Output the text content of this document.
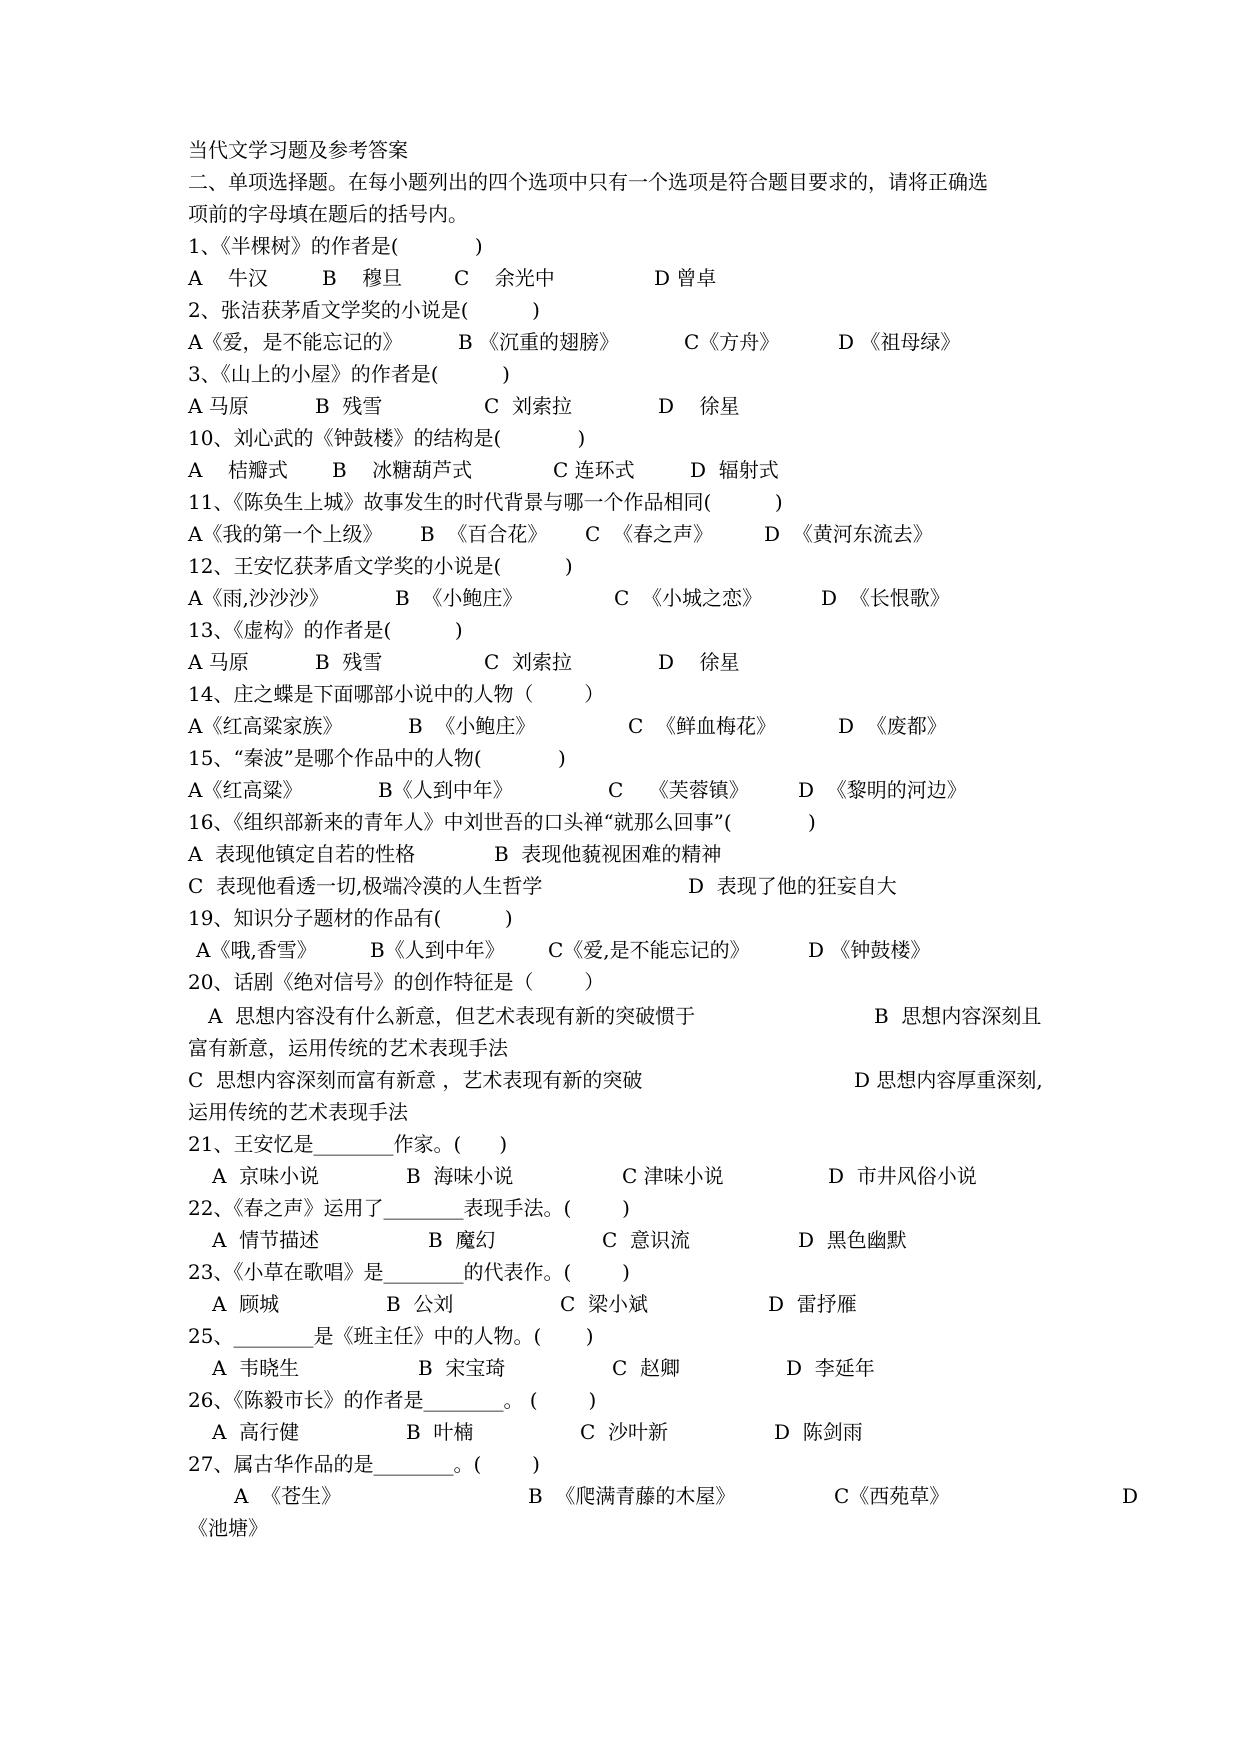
当代文学习题及参考答案
二、单项选择题。在每小题列出的四个选项中只有一个选项是符合题目要求的，请将正确选
项前的字母填在题后的括号内。
1、《半棵树》的作者是(            )

A    牛汉

	B    穆旦

	C    余光中

	D 曾卓

2、张洁获茅盾文学奖的小说是(          )

A《爱，是不能忘记的》

	B 《沉重的翅膀》

	C《方舟》

	D 《祖母绿》

3、《山上的小屋》的作者是(          )

A 马原

	B  残雪

	C  刘索拉

	D    徐星

10、刘心武的《钟鼓楼》的结构是(            )

A    桔瓣式

B    冰糖葫芦式

	C 连环式

	D  辐射式

11、《陈奂生上城》故事发生的时代背景与哪一个作品相同(          )

A《我的第一个上级》

B  《百合花》

C  《春之声》

	D  《黄河东流去》

12、王安忆获茅盾文学奖的小说是(          )

A《雨,沙沙沙》

	B  《小鲍庄》

	C  《小城之恋》

	D  《长恨歌》

13、《虚构》的作者是(          )

A 马原

	B  残雪

	C  刘索拉

	D    徐星

14、庄之蝶是下面哪部小说中的人物（        ）

A《红高粱家族》

	B  《小鲍庄》

	C  《鲜血梅花》

	D  《废都》

15、“秦波”是哪个作品中的人物(            )

A《红高粱》

	B《人到中年》

	C    《芙蓉镇》

D  《黎明的河边》

16、《组织部新来的青年人》中刘世吾的口头禅“就那么回事”(            )

A  表现他镇定自若的性格

	B  表现他藐视困难的精神

C  表现他看透一切,极端冷漠的人生哲学

	D  表现了他的狂妄自大

19、知识分子题材的作品有(          )

A《哦,香雪》

	B《人到中年》

C《爱,是不能忘记的》

	D 《钟鼓楼》

20、话剧《绝对信号》的创作特征是（        ）

A  思想内容没有什么新意，但艺术表现有新的突破惯于

	B  思想内容深刻且

富有新意，运用传统的艺术表现手法

C  思想内容深刻而富有新意 ，艺术表现有新的突破

	D 思想内容厚重深刻,

运用传统的艺术表现手法
21、王安忆是________作家。(      )

A  京味小说

	B  海味小说

	C 津味小说

	D  市井风俗小说

22、《春之声》运用了________表现手法。(        )

A  情节描述

	B  魔幻

	C  意识流

	D  黑色幽默

23、《小草在歌唱》是________的代表作。(        )

A  顾城

	B  公刘

	C  梁小斌

	D  雷抒雁

25、________是《班主任》中的人物。(       )

A  韦晓生

	B  宋宝琦

	C  赵卿

	D  李延年

26、《陈毅市长》的作者是________。 (        )

A  高行健

	B  叶楠

	C  沙叶新

	D  陈剑雨

27、属古华作品的是________。(        )

A  《苍生》

	B  《爬满青藤的木屋》

	C《西苑草》

	D

《池塘》
